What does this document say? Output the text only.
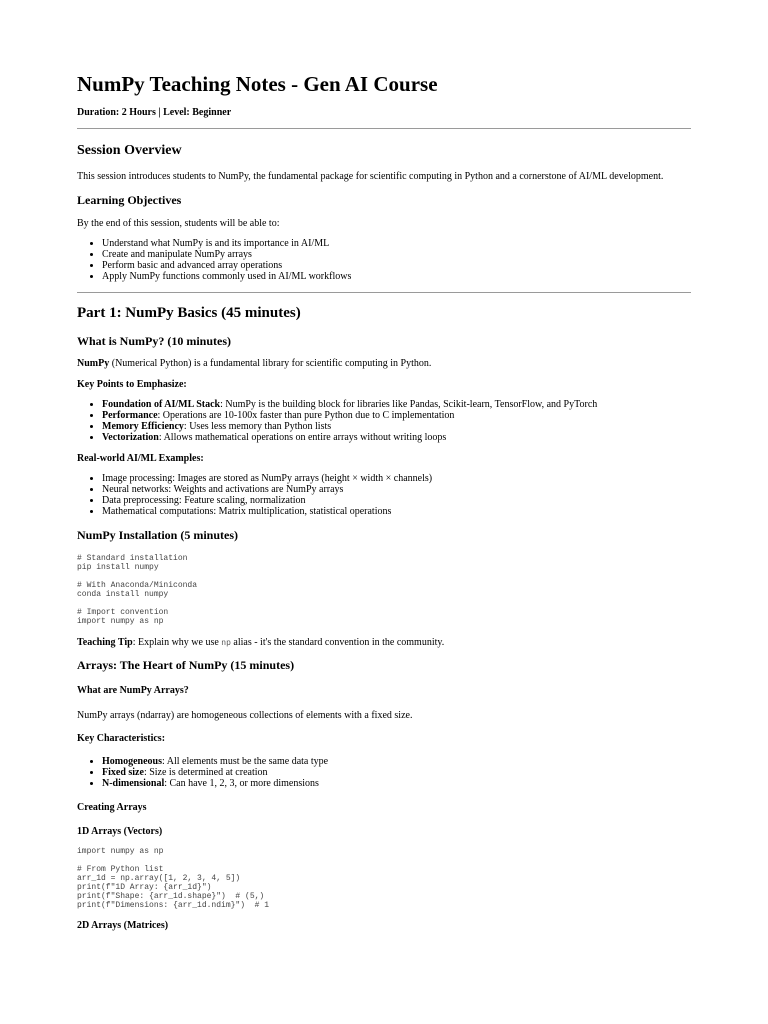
NumPy Teaching Notes - Gen AI Course
Duration: 2 Hours | Level: Beginner
Session Overview

This session introduces students to NumPy, the fundamental package for scientific computing in Python and a cornerstone of AI/ML development.

Learning Objectives

By the end of this session, students will be able to:

• Understand what NumPy is and its importance in AI/ML
• Create and manipulate NumPy arrays
• Perform basic and advanced array operations
• Apply NumPy functions commonly used in AI/ML workflows
Part 1: NumPy Basics (45 minutes)
What is NumPy? (10 minutes)

NumPy (Numerical Python) is a fundamental library for scientific computing in Python.

Key Points to Emphasize:

• Foundation of AI/ML Stack: NumPy is the building block for libraries like Pandas, Scikit-learn, TensorFlow, and PyTorch
• Performance: Operations are 10-100x faster than pure Python due to C implementation
• Memory Efficiency: Uses less memory than Python lists
• Vectorization: Allows mathematical operations on entire arrays without writing loops

Real-world AI/ML Examples:

• Image processing: Images are stored as NumPy arrays (height × width × channels)
• Neural networks: Weights and activations are NumPy arrays
• Data preprocessing: Feature scaling, normalization
• Mathematical computations: Matrix multiplication, statistical operations
NumPy Installation (5 minutes)
# Standard installation
pip install numpy

# With Anaconda/Miniconda
conda install numpy

# Import convention
import numpy as np

Teaching Tip: Explain why we use np alias - it's the standard convention in the community.

Arrays: The Heart of NumPy (15 minutes)
What are NumPy Arrays?

NumPy arrays (ndarray) are homogeneous collections of elements with a fixed size.

Key Characteristics:

• Homogeneous: All elements must be the same data type
• Fixed size: Size is determined at creation
• N-dimensional: Can have 1, 2, 3, or more dimensions
Creating Arrays
1D Arrays (Vectors)
import numpy as np

# From Python list
arr_1d = np.array([1, 2, 3, 4, 5])
print(f"1D Array: {arr_1d}")
print(f"Shape: {arr_1d.shape}")  # (5,)
print(f"Dimensions: {arr_1d.ndim}")  # 1
2D Arrays (Matrices)
